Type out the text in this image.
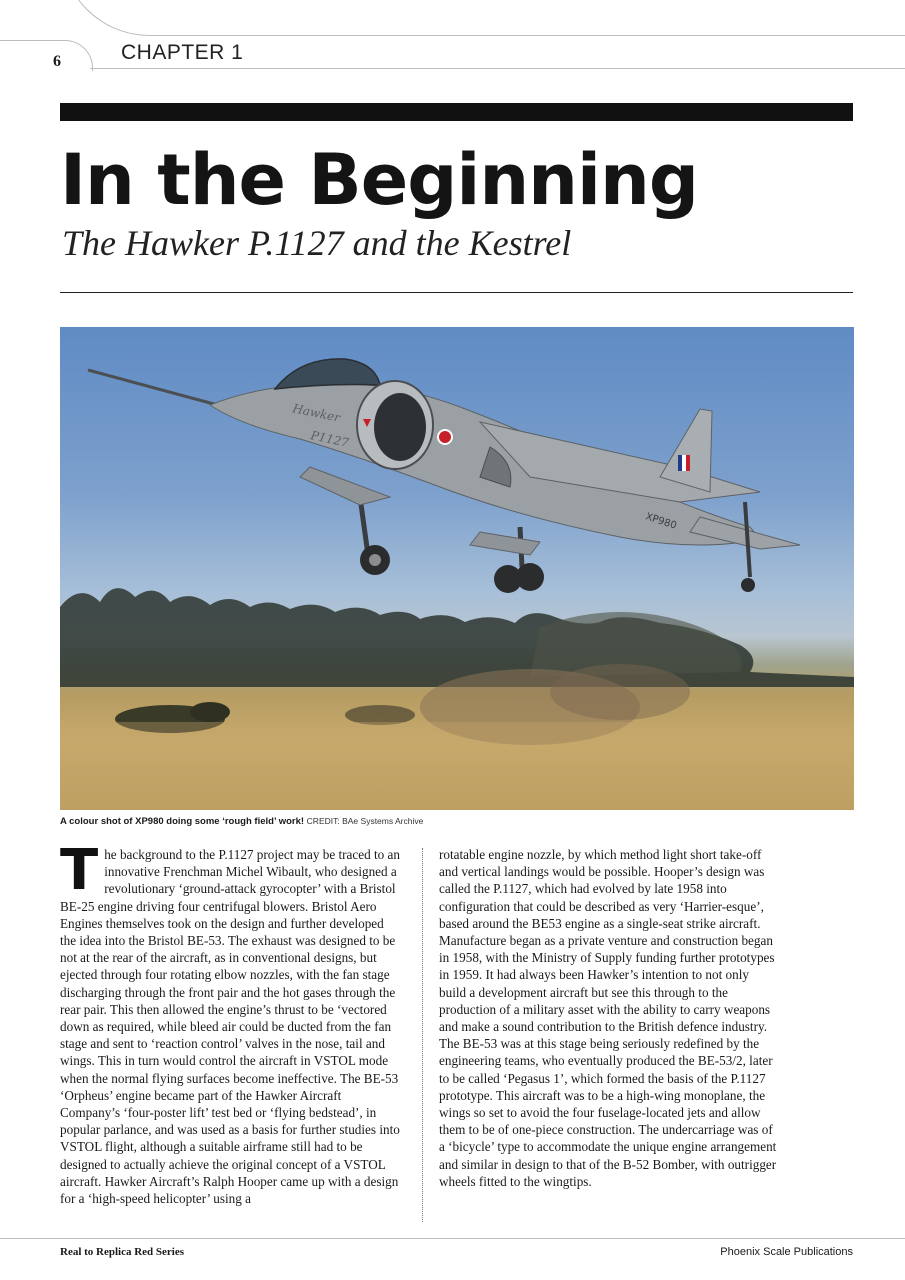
6	CHAPTER 1
In the Beginning
The Hawker P.1127 and the Kestrel
Hawker
P1127
XP980
A colour shot of XP980 doing some ‘rough field’ work! CREDIT: BAe Systems Archive
T he background to the P.1127 project may be traced to an innovative Frenchman Michel Wibault, who designed a revolutionary ‘ground-attack gyrocopter’ with a Bristol BE-25 engine driving four centrifugal blowers. Bristol Aero Engines themselves took on the design and further developed the idea into the Bristol BE-53. The exhaust was designed to be not at the rear of the aircraft, as in conventional designs, but ejected through four rotating elbow nozzles, with the fan stage discharging through the front pair and the hot gases through the rear pair. This then allowed the engine’s thrust to be ‘vectored down as required, while bleed air could be ducted from the fan stage and sent to ‘reaction control’ valves in the nose, tail and wings. This in turn would control the aircraft in VSTOL mode when the normal flying surfaces become ineffective. The BE-53 ‘Orpheus’ engine became part of the Hawker Aircraft Company’s ‘four-poster lift’ test bed or ‘flying bedstead’, in popular parlance, and was used as a basis for further studies into VSTOL flight, although a suitable airframe still had to be designed to actually achieve the original concept of a VSTOL aircraft. Hawker Aircraft’s Ralph Hooper came up with a design for a ‘high-speed helicopter’ using a
rotatable engine nozzle, by which method light short take-off and vertical landings would be possible. Hooper’s design was called the P.1127, which had evolved by late 1958 into configuration that could be described as very ‘Harrier-esque’, based around the BE53 engine as a single-seat strike aircraft. Manufacture began as a private venture and construction began in 1958, with the Ministry of Supply funding further prototypes in 1959. It had always been Hawker’s intention to not only build a development aircraft but see this through to the production of a military asset with the ability to carry weapons and make a sound contribution to the British defence industry. The BE-53 was at this stage being seriously redefined by the engineering teams, who eventually produced the BE-53/2, later to be called ‘Pegasus 1’, which formed the basis of the P.1127 prototype. This aircraft was to be a high-wing monoplane, the wings so set to avoid the four fuselage-located jets and allow them to be of one-piece construction. The undercarriage was of a ‘bicycle’ type to accommodate the unique engine arrangement and similar in design to that of the B-52 Bomber, with outrigger wheels fitted to the wingtips.
Real to Replica Red Series	Phoenix Scale Publications
